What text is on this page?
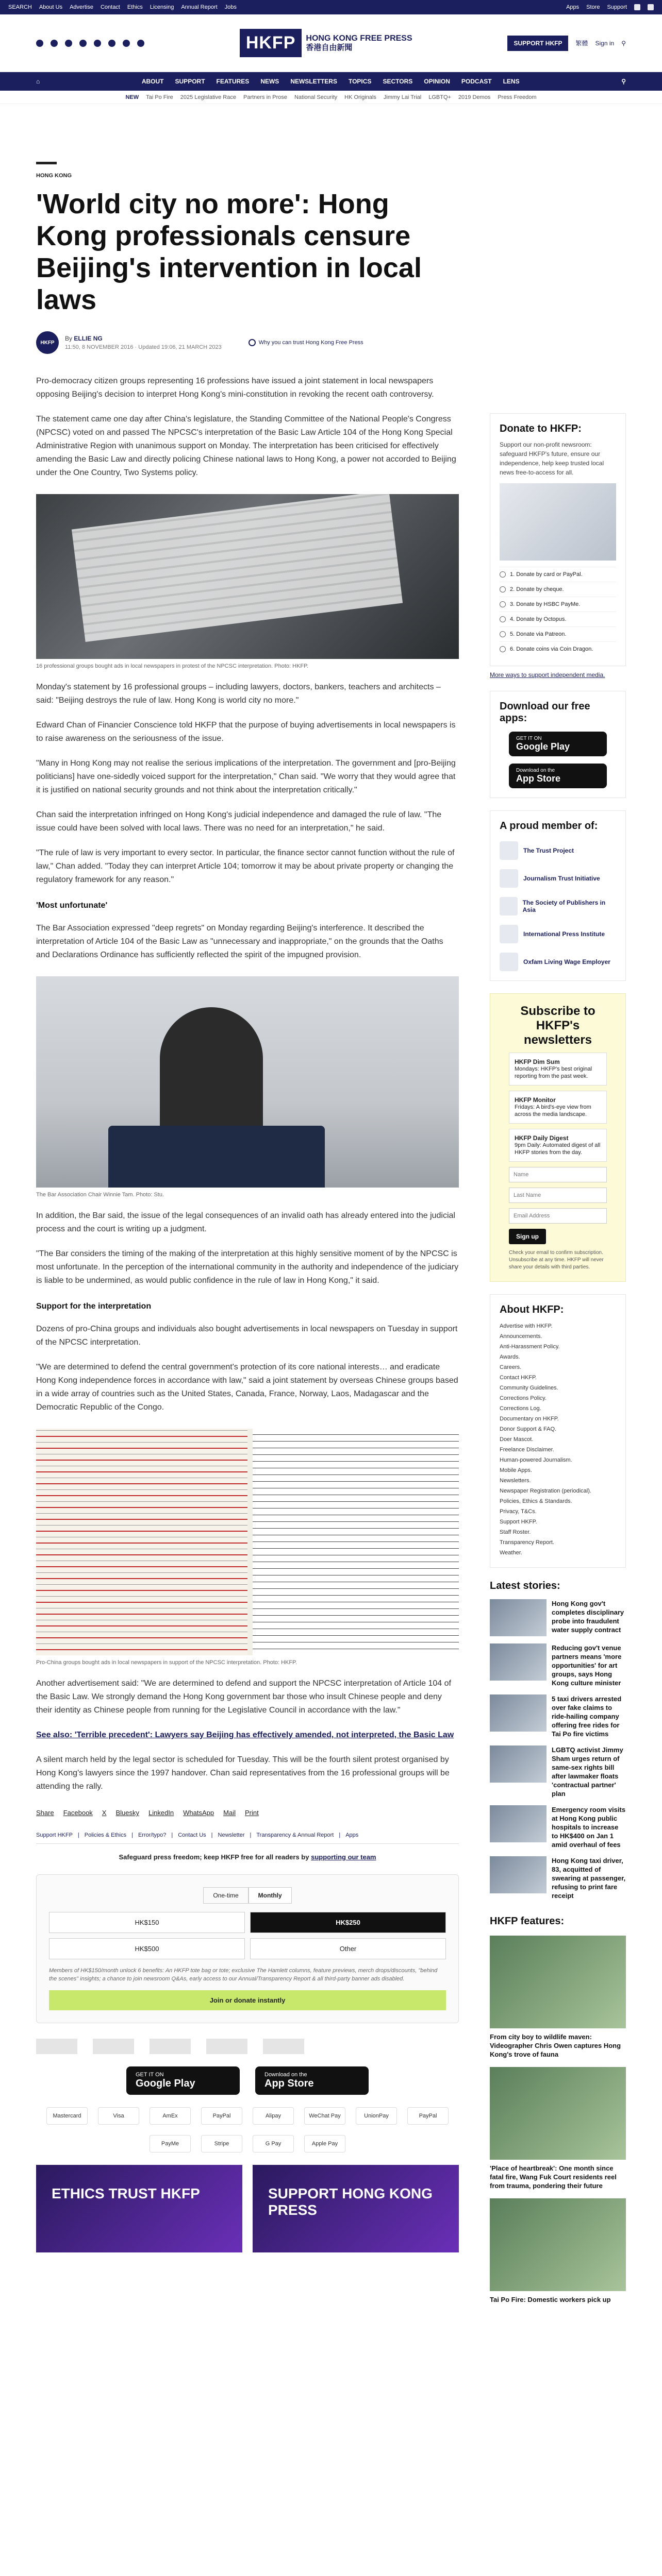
SEARCH About Us Advertise Contact Ethics Licensing Annual Report Jobs	Apps Store Support
HKFP	HONG KONG FREE PRESS
香港自由新聞	SUPPORT HKFP	繁體 Sign in ⚲
⌂	ABOUT SUPPORT FEATURES NEWS NEWSLETTERS TOPICS SECTORS OPINION PODCAST LENS	⚲
NEW Tai Po Fire 2025 Legislative Race Partners in Prose National Security HK Originals Jimmy Lai Trial LGBTQ+ 2019 Demos Press Freedom
HONG KONG
'World city no more': Hong Kong professionals censure Beijing's intervention in local laws
HKFP
By ELLIE NG
11:50, 8 NOVEMBER 2016 · Updated 19:06, 21 MARCH 2023
Why you can trust Hong Kong Free Press

Pro-democracy citizen groups representing 16 professions have issued a joint statement in local newspapers opposing Beijing's decision to interpret Hong Kong's mini-constitution in revoking the recent oath controversy.

The statement came one day after China's legislature, the Standing Committee of the National People's Congress (NPCSC) voted on and passed The NPCSC's interpretation of the Basic Law Article 104 of the Hong Kong Special Administrative Region with unanimous support on Monday. The interpretation has been criticised for effectively amending the Basic Law and directly policing Chinese national laws to Hong Kong, a power not accorded to Beijing under the One Country, Two Systems policy.

16 professional groups bought ads in local newspapers in protest of the NPCSC interpretation. Photo: HKFP.

Monday's statement by 16 professional groups – including lawyers, doctors, bankers, teachers and architects – said: "Beijing destroys the rule of law. Hong Kong is world city no more."

Edward Chan of Financier Conscience told HKFP that the purpose of buying advertisements in local newspapers is to raise awareness on the seriousness of the issue.

"Many in Hong Kong may not realise the serious implications of the interpretation. The government and [pro-Beijing politicians] have one-sidedly voiced support for the interpretation," Chan said. "We worry that they would agree that it is justified on national security grounds and not think about the interpretation critically."

Chan said the interpretation infringed on Hong Kong's judicial independence and damaged the rule of law. "The issue could have been solved with local laws. There was no need for an interpretation," he said.

"The rule of law is very important to every sector. In particular, the finance sector cannot function without the rule of law," Chan added. "Today they can interpret Article 104; tomorrow it may be about private property or changing the regulatory framework for any reason."

'Most unfortunate'

The Bar Association expressed "deep regrets" on Monday regarding Beijing's interference. It described the interpretation of Article 104 of the Basic Law as "unnecessary and inappropriate," on the grounds that the Oaths and Declarations Ordinance has sufficiently reflected the spirit of the impugned provision.

The Bar Association Chair Winnie Tam. Photo: Stu.

In addition, the Bar said, the issue of the legal consequences of an invalid oath has already entered into the judicial process and the court is writing up a judgment.

"The Bar considers the timing of the making of the interpretation at this highly sensitive moment of by the NPCSC is most unfortunate. In the perception of the international community in the authority and independence of the judiciary is liable to be undermined, as would public confidence in the rule of law in Hong Kong," it said.

Support for the interpretation

Dozens of pro-China groups and individuals also bought advertisements in local newspapers on Tuesday in support of the NPCSC interpretation.

"We are determined to defend the central government's protection of its core national interests… and eradicate Hong Kong independence forces in accordance with law," said a joint statement by overseas Chinese groups based in a wide array of countries such as the United States, Canada, France, Norway, Laos, Madagascar and the Democratic Republic of the Congo.

Pro-China groups bought ads in local newspapers in support of the NPCSC interpretation. Photo: HKFP.

Another advertisement said: "We are determined to defend and support the NPCSC interpretation of Article 104 of the Basic Law. We strongly demand the Hong Kong government bar those who insult Chinese people and deny their identity as Chinese people from running for the Legislative Council in accordance with the law."

See also: 'Terrible precedent': Lawyers say Beijing has effectively amended, not interpreted, the Basic Law

A silent march held by the legal sector is scheduled for Tuesday. This will be the fourth silent protest organised by Hong Kong's lawyers since the 1997 handover. Chan said representatives from the 16 professional groups will be attending the rally.

Share Facebook X Bluesky LinkedIn WhatsApp Mail Print
Support HKFP | Policies & Ethics | Error/typo? | Contact Us | Newsletter | Transparency & Annual Report | Apps
Safeguard press freedom; keep HKFP free for all readers by supporting our team
One-time	Monthly
HK$150	HK$250
HK$500	Other
Members of HK$150/month unlock 6 benefits: An HKFP tote bag or tote; exclusive The Hamlett columns, feature previews, merch drops/discounts, "behind the scenes" insights; a chance to join newsroom Q&As, early access to our Annual/Transparency Report & all third-party banner ads disabled.
Join or donate instantly
GET IT ON
Google Play
Download on the
App Store
Mastercard	Visa	AmEx	PayPal	Alipay	WeChat Pay	UnionPay	PayPal
PayMe	Stripe	G Pay	Apple Pay
ETHICS TRUST HKFP	SUPPORT HONG KONG PRESS
Donate to HKFP:
Support our non-profit newsroom: safeguard HKFP's future, ensure our independence, help keep trusted local news free-to-access for all.
1. Donate by card or PayPal.
2. Donate by cheque.
3. Donate by HSBC PayMe.
4. Donate by Octopus.
5. Donate via Patreon.
6. Donate coins via Coin Dragon.
More ways to support independent media.
Download our free apps:
GET IT ON
Google Play
Download on the
App Store
A proud member of:
The Trust Project
Journalism Trust Initiative
The Society of Publishers in Asia
International Press Institute
Oxfam Living Wage Employer
Subscribe to HKFP's newsletters
HKFP Dim Sum
Mondays: HKFP's best original reporting from the past week.
HKFP Monitor
Fridays: A bird's-eye view from across the media landscape.
HKFP Daily Digest
9pm Daily: Automated digest of all HKFP stories from the day.
Name
Last Name
Email Address
Sign up
Check your email to confirm subscription. Unsubscribe at any time. HKFP will never share your details with third parties.
About HKFP:
Advertise with HKFP.
Announcements.
Anti-Harassment Policy.
Awards.
Careers.
Contact HKFP.
Community Guidelines.
Corrections Policy.
Corrections Log.
Documentary on HKFP.
Donor Support & FAQ.
Doer Mascot.
Freelance Disclaimer.
Human-powered Journalism.
Mobile Apps.
Newsletters.
Newspaper Registration (periodical).
Policies, Ethics & Standards.
Privacy, T&Cs.
Support HKFP.
Staff Roster.
Transparency Report.
Weather.
Latest stories:
Hong Kong gov't completes disciplinary probe into fraudulent water supply contract
Reducing gov't venue partners means 'more opportunities' for art groups, says Hong Kong culture minister
5 taxi drivers arrested over fake claims to ride-hailing company offering free rides for Tai Po fire victims
LGBTQ activist Jimmy Sham urges return of same-sex rights bill after lawmaker floats 'contractual partner' plan
Emergency room visits at Hong Kong public hospitals to increase to HK$400 on Jan 1 amid overhaul of fees
Hong Kong taxi driver, 83, acquitted of swearing at passenger, refusing to print fare receipt
HKFP features:
From city boy to wildlife maven: Videographer Chris Owen captures Hong Kong's trove of fauna
'Place of heartbreak': One month since fatal fire, Wang Fuk Court residents reel from trauma, pondering their future
Tai Po Fire: Domestic workers pick up
